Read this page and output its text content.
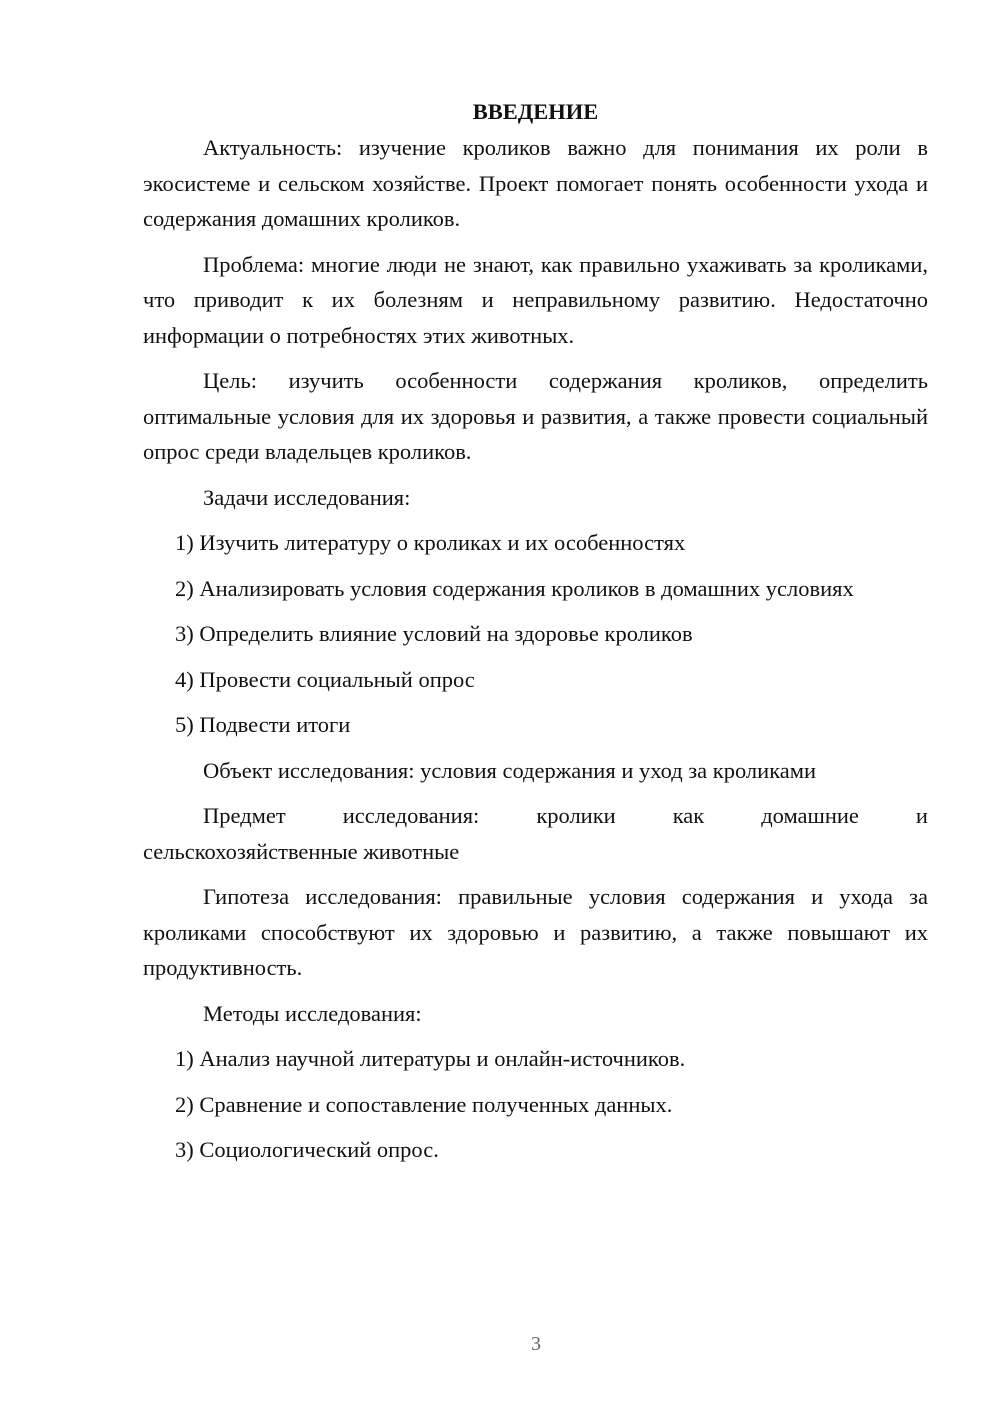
ВВЕДЕНИЕ

Актуальность: изучение кроликов важно для понимания их роли в экосистеме и сельском хозяйстве. Проект помогает понять особенности ухода и содержания домашних кроликов.

Проблема: многие люди не знают, как правильно ухаживать за кроликами, что приводит к их болезням и неправильному развитию. Недостаточно информации о потребностях этих животных.

Цель: изучить особенности содержания кроликов, определить оптимальные условия для их здоровья и развития, а также провести социальный опрос среди владельцев кроликов.

Задачи исследования:

1) Изучить литературу о кроликах и их особенностях
2) Анализировать условия содержания кроликов в домашних условиях
3) Определить влияние условий на здоровье кроликов
4) Провести социальный опрос
5) Подвести итоги

Объект исследования: условия содержания и уход за кроликами

Предмет	исследования:	кролики	как	домашние	и
сельскохозяйственные животные

Гипотеза исследования: правильные условия содержания и ухода за кроликами способствуют их здоровью и развитию, а также повышают их продуктивность.

Методы исследования:

1) Анализ научной литературы и онлайн-источников.
2) Сравнение и сопоставление полученных данных.
3) Социологический опрос.
3
